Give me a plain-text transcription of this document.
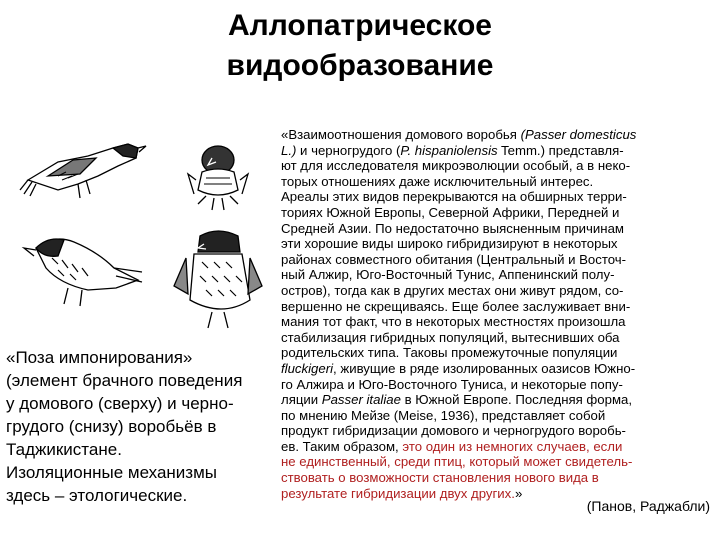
Аллопатрическое
видообразование
«Поза импонирования»
(элемент брачного поведения
у домового (сверху) и черно-
грудого (снизу) воробьёв в
Таджикистане.
Изоляционные механизмы
здесь – этологические.
«Взаимоотношения домового воробья (Passer domesticus
L.) и черногрудого (P. hispaniolensis Temm.) представля-
ют для исследователя микроэволюции особый, а в неко-
торых отношениях даже исключительный интерес.
Ареалы этих видов перекрываются на обширных терри-
ториях Южной Европы, Северной Африки, Передней и
Средней Азии. По недостаточно выясненным причинам
эти хорошие виды широко гибридизируют в некоторых
районах совместного обитания (Центральный и Восточ-
ный Алжир, Юго-Восточный Тунис, Аппенинский полу-
остров), тогда как в других местах они живут рядом, со-
вершенно не скрещиваясь. Еще более заслуживает вни-
мания тот факт, что в некоторых местностях произошла
стабилизация гибридных популяций, вытеснивших оба
родительских типа. Таковы промежуточные популяции
fluckigeri, живущие в ряде изолированных оазисов Южно-
го Алжира и Юго-Восточного Туниса, и некоторые попу-
ляции Passer italiae в Южной Европе. Последняя форма,
по мнению Мейзе (Meise, 1936), представляет собой
продукт гибридизации домового и черногрудого воробь-
ев. Таким образом, это один из немногих случаев, если
не единственный, среди птиц, который может свидетель-
ствовать о возможности становления нового вида в
результате гибридизации двух других.»
(Панов, Раджабли)
